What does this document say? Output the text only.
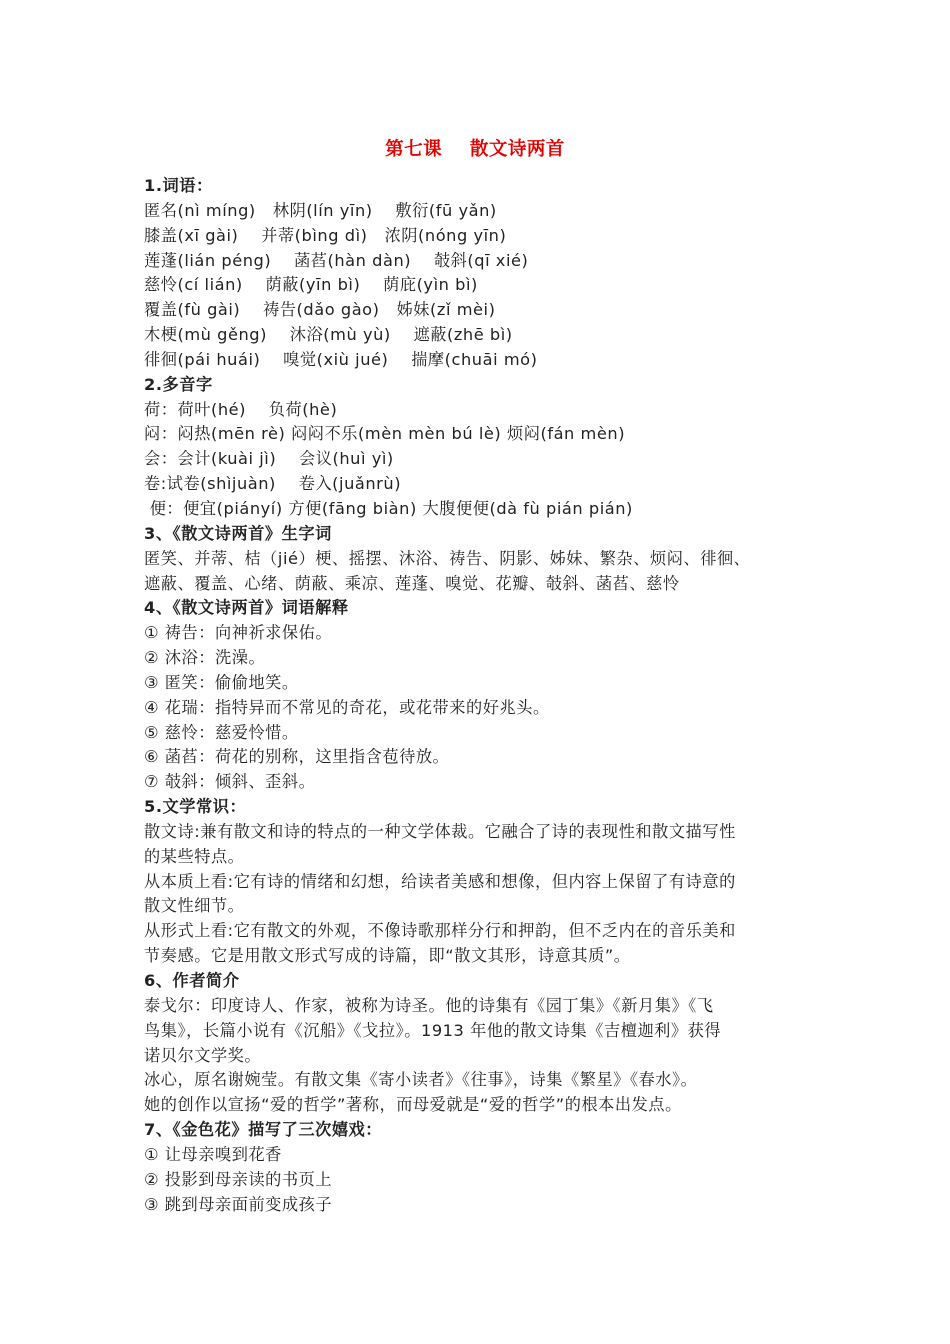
第七课    散文诗两首
1.词语：
匿名(nì míng)   林阴(lín yīn)    敷衍(fū yǎn)
膝盖(xī gài)    并蒂(bìng dì)   浓阴(nóng yīn)
莲蓬(lián péng)    菡萏(hàn dàn)    攲斜(qī xié)
慈怜(cí lián)    荫蔽(yīn bì)    荫庇(yìn bì)
覆盖(fù gài)    祷告(dǎo gào)   姊妹(zǐ mèi)
木梗(mù gěng)    沐浴(mù yù)    遮蔽(zhē bì)
徘徊(pái huái)    嗅觉(xiù jué)    揣摩(chuāi mó)
2.多音字
荷：荷叶(hé)    负荷(hè)
闷：闷热(mēn rè) 闷闷不乐(mèn mèn bú lè) 烦闷(fán mèn)
会：会计(kuài jì)    会议(huì yì)
卷:试卷(shìjuàn)    卷入(juǎnrù)
便：便宜(piányí) 方便(fāng biàn) 大腹便便(dà fù pián pián)
3、《散文诗两首》生字词
匿笑、并蒂、桔（jié）梗、摇摆、沐浴、祷告、阴影、姊妹、繁杂、烦闷、徘徊、
遮蔽、覆盖、心绪、荫蔽、乘凉、莲蓬、嗅觉、花瓣、攲斜、菡萏、慈怜
4、《散文诗两首》词语解释
① 祷告：向神祈求保佑。
② 沐浴：洗澡。
③ 匿笑：偷偷地笑。
④ 花瑞：指特异而不常见的奇花，或花带来的好兆头。
⑤ 慈怜：慈爱怜惜。
⑥ 菡萏：荷花的别称，这里指含苞待放。
⑦ 攲斜：倾斜、歪斜。
5.文学常识：
散文诗:兼有散文和诗的特点的一种文学体裁。它融合了诗的表现性和散文描写性
的某些特点。
从本质上看:它有诗的情绪和幻想，给读者美感和想像，但内容上保留了有诗意的
散文性细节。
从形式上看:它有散文的外观，不像诗歌那样分行和押韵，但不乏内在的音乐美和
节奏感。它是用散文形式写成的诗篇，即“散文其形，诗意其质”。
6、作者简介
泰戈尔：印度诗人、作家，被称为诗圣。他的诗集有《园丁集》《新月集》《飞
鸟集》，长篇小说有《沉船》《戈拉》。1913 年他的散文诗集《吉檀迦利》获得
诺贝尔文学奖。
冰心，原名谢婉莹。有散文集《寄小读者》《往事》，诗集《繁星》《春水》。
她的创作以宣扬“爱的哲学”著称，而母爱就是“爱的哲学”的根本出发点。
7、《金色花》描写了三次嬉戏：
① 让母亲嗅到花香
② 投影到母亲读的书页上
③ 跳到母亲面前变成孩子
